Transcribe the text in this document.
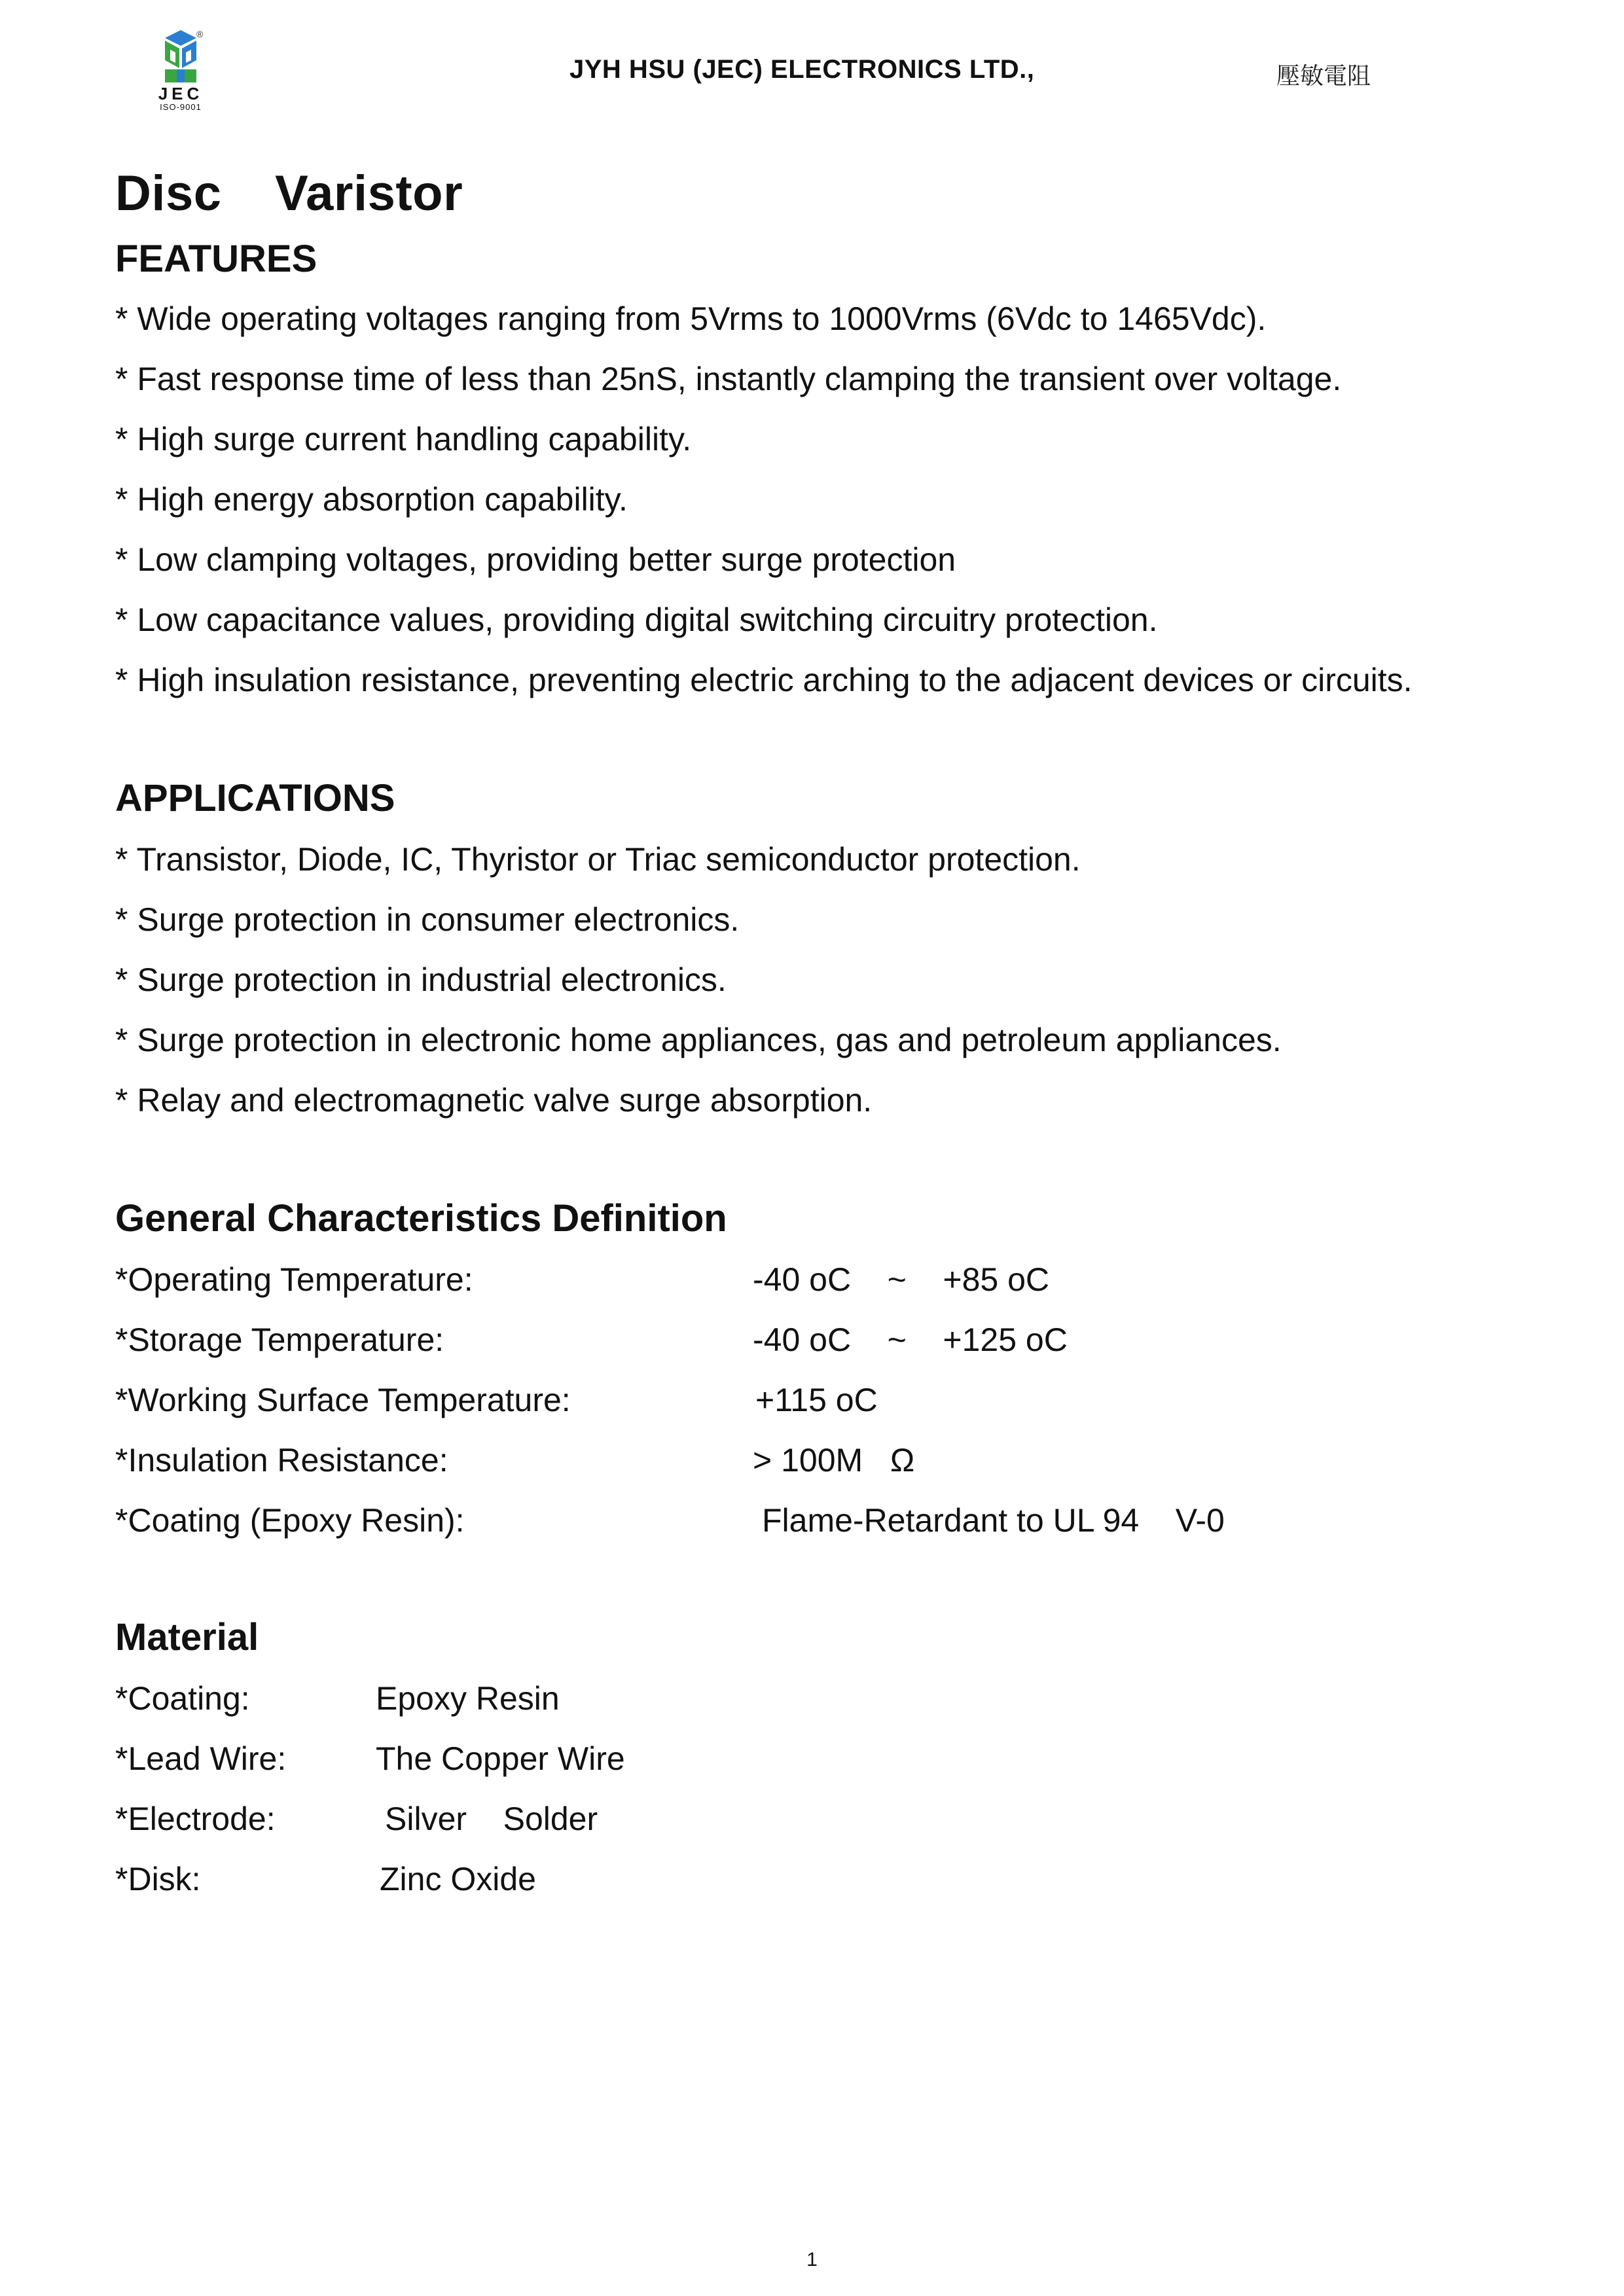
JEC
ISO-9001
®
JYH HSU (JEC) ELECTRONICS LTD.,	壓敏電阻
Disc Varistor
FEATURES
* Wide operating voltages ranging from 5Vrms to 1000Vrms (6Vdc to 1465Vdc).
* Fast response time of less than 25nS, instantly clamping the transient over voltage.
* High surge current handling capability.
* High energy absorption capability.
* Low clamping voltages, providing better surge protection
* Low capacitance values, providing digital switching circuitry protection.
* High insulation resistance, preventing electric arching to the adjacent devices or circuits.
APPLICATIONS
* Transistor, Diode, IC, Thyristor or Triac semiconductor protection.
* Surge protection in consumer electronics.
* Surge protection in industrial electronics.
* Surge protection in electronic home appliances, gas and petroleum appliances.
* Relay and electromagnetic valve surge absorption.
General Characteristics Definition
*Operating Temperature:	-40 oC    ~    +85 oC
*Storage Temperature:	-40 oC    ~    +125 oC
*Working Surface Temperature:	+115 oC
*Insulation Resistance:	> 100M   Ω
*Coating (Epoxy Resin):	Flame-Retardant to UL 94    V-0
Material
*Coating:	Epoxy Resin
*Lead Wire:	The Copper Wire
*Electrode:	Silver    Solder
*Disk:	Zinc Oxide
1
